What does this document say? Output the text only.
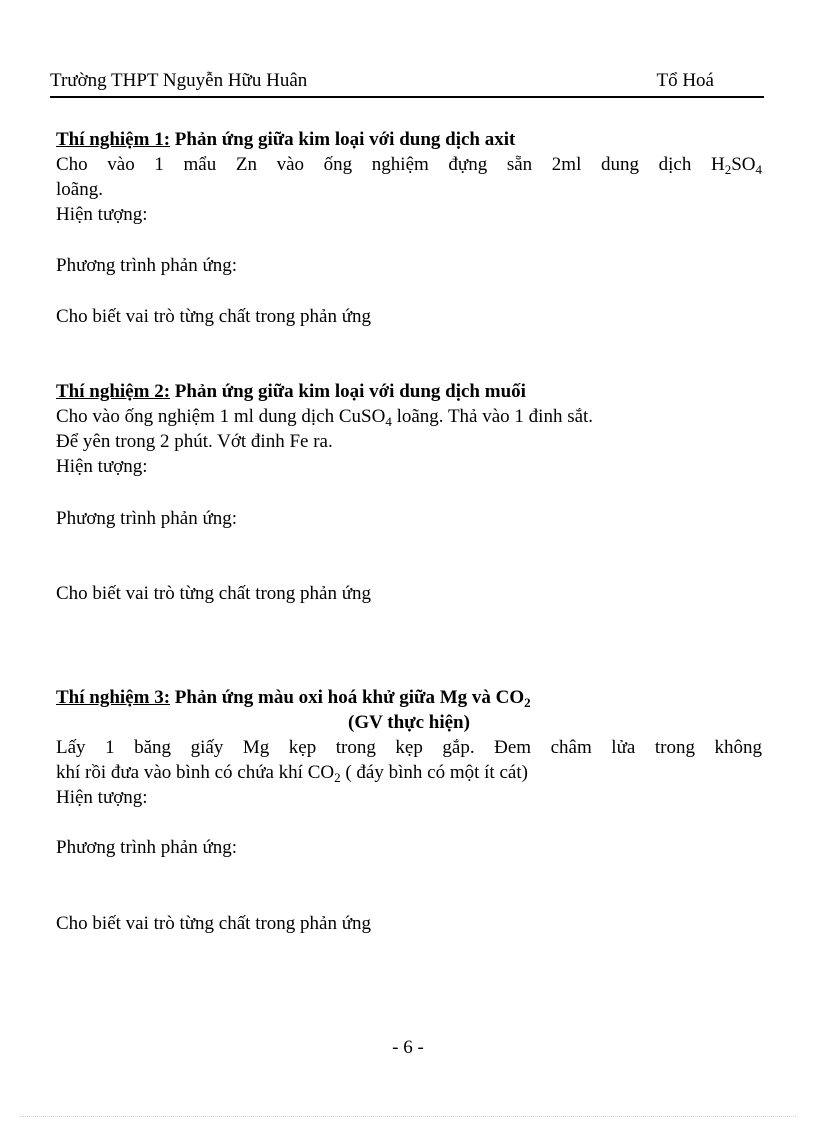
Trường THPT Nguyễn Hữu Huân	Tổ Hoá

Thí nghiệm 1: Phản ứng giữa kim loại với dung dịch axit

Cho vào 1 mẩu Zn vào ống nghiệm đựng sẵn 2ml dung dịch $H_2SO_4$

loãng.

Hiện tượng:

Phương trình phản ứng:
Cho biết vai trò từng chất trong phản ứng

Thí nghiệm 2: Phản ứng giữa kim loại với dung dịch muối

Cho vào ống nghiệm 1 ml dung dịch CuSO$_4$ loãng. Thả vào 1 đinh sắt.

Để yên trong 2 phút. Vớt đinh Fe ra.

Hiện tượng:

Phương trình phản ứng:
Cho biết vai trò từng chất trong phản ứng

Thí nghiệm 3: Phản ứng màu oxi hoá khử giữa Mg và $CO_2$

(GV thực hiện)

Lấy 1 băng giấy Mg kẹp trong kẹp gắp. Đem châm lửa trong không

khí rồi đưa vào bình có chứa khí $CO_2$ ( đáy bình có một ít cát)

Hiện tượng:

Phương trình phản ứng:
Cho biết vai trò từng chất trong phản ứng
- 6 -
